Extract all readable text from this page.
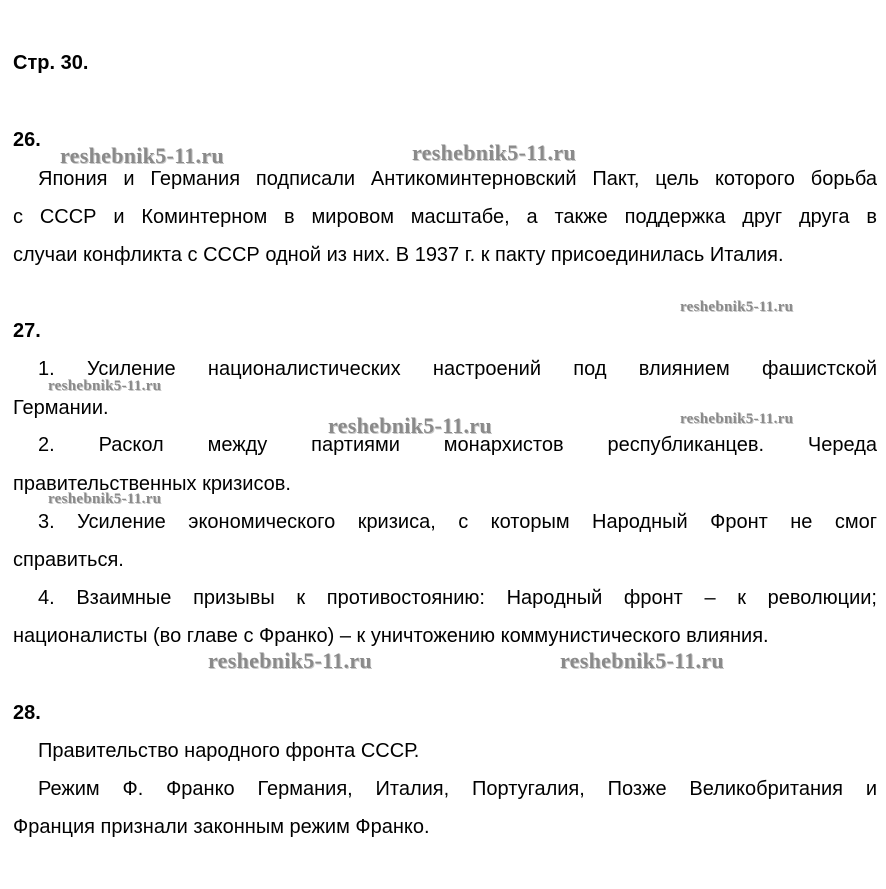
Стр. 30.
26.
Япония и Германия подписали Антикоминтерновский Пакт, цель которого борьба
с СССР и Коминтерном в мировом масштабе, а также поддержка друг друга в
случаи конфликта с СССР одной из них. В 1937 г. к пакту присоединилась Италия.
27.
1. Усиление националистических настроений под влиянием фашистской
Германии.
2. Раскол между партиями монархистов республиканцев. Череда
правительственных кризисов.
3. Усиление экономического кризиса, с которым Народный Фронт не смог
справиться.
4. Взаимные призывы к противостоянию: Народный фронт – к революции;
националисты (во главе с Франко) – к уничтожению коммунистического влияния.
28.
Правительство народного фронта СССР.
Режим Ф. Франко Германия, Италия, Португалия, Позже Великобритания и
Франция признали законным режим Франко.
reshebnik5-11.ru	reshebnik5-11.ru
reshebnik5-11.ru
reshebnik5-11.ru
reshebnik5-11.ru	reshebnik5-11.ru
reshebnik5-11.ru
reshebnik5-11.ru	reshebnik5-11.ru
